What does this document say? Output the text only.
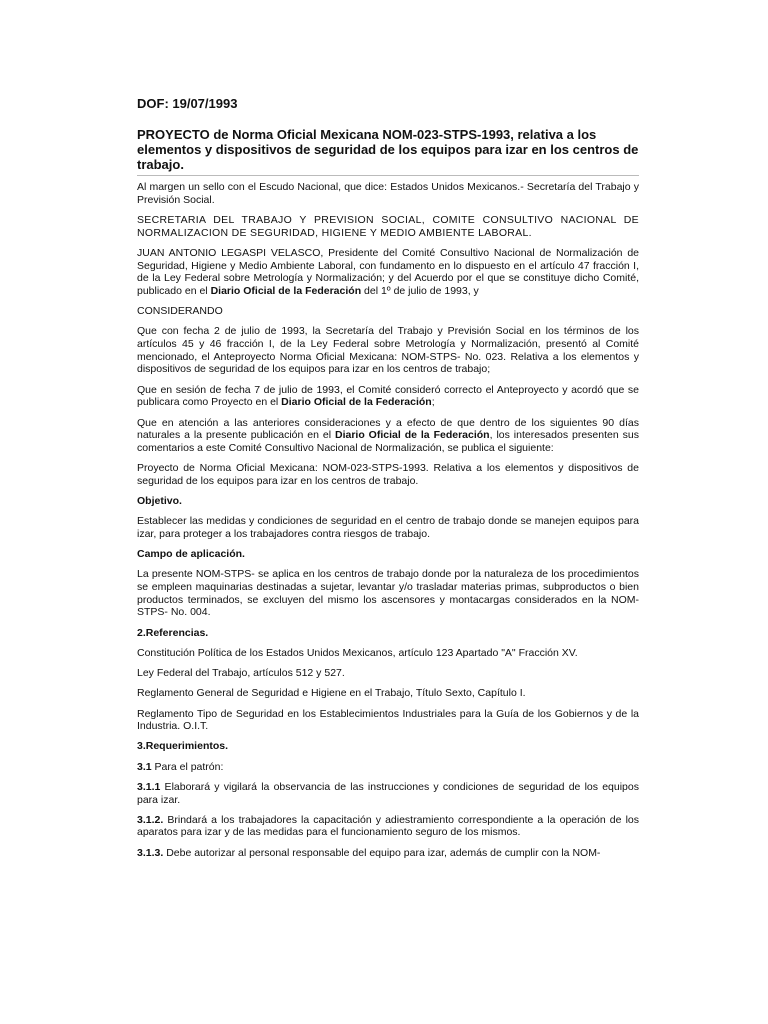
DOF: 19/07/1993
PROYECTO de Norma Oficial Mexicana NOM-023-STPS-1993, relativa a los elementos y dispositivos de seguridad de los equipos para izar en los centros de trabajo.

Al margen un sello con el Escudo Nacional, que dice: Estados Unidos Mexicanos.- Secretaría del Trabajo y Previsión Social.

SECRETARIA DEL TRABAJO Y PREVISION SOCIAL, COMITE CONSULTIVO NACIONAL DE NORMALIZACION DE SEGURIDAD, HIGIENE Y MEDIO AMBIENTE LABORAL.

JUAN ANTONIO LEGASPI VELASCO, Presidente del Comité Consultivo Nacional de Normalización de Seguridad, Higiene y Medio Ambiente Laboral, con fundamento en lo dispuesto en el artículo 47 fracción I, de la Ley Federal sobre Metrología y Normalización; y del Acuerdo por el que se constituye dicho Comité, publicado en el Diario Oficial de la Federación del 1º de julio de 1993, y

CONSIDERANDO

Que con fecha 2 de julio de 1993, la Secretaría del Trabajo y Previsión Social en los términos de los artículos 45 y 46 fracción I, de la Ley Federal sobre Metrología y Normalización, presentó al Comité mencionado, el Anteproyecto Norma Oficial Mexicana: NOM-STPS- No. 023. Relativa a los elementos y dispositivos de seguridad de los equipos para izar en los centros de trabajo;

Que en sesión de fecha 7 de julio de 1993, el Comité consideró correcto el Anteproyecto y acordó que se publicara como Proyecto en el Diario Oficial de la Federación;

Que en atención a las anteriores consideraciones y a efecto de que dentro de los siguientes 90 días naturales a la presente publicación en el Diario Oficial de la Federación, los interesados presenten sus comentarios a este Comité Consultivo Nacional de Normalización, se publica el siguiente:

Proyecto de Norma Oficial Mexicana: NOM-023-STPS-1993. Relativa a los elementos y dispositivos de seguridad de los equipos para izar en los centros de trabajo.

Objetivo.

Establecer las medidas y condiciones de seguridad en el centro de trabajo donde se manejen equipos para izar, para proteger a los trabajadores contra riesgos de trabajo.

Campo de aplicación.

La presente NOM-STPS- se aplica en los centros de trabajo donde por la naturaleza de los procedimientos se empleen maquinarias destinadas a sujetar, levantar y/o trasladar materias primas, subproductos o bien productos terminados, se excluyen del mismo los ascensores y montacargas considerados en la NOM-STPS- No. 004.

2.Referencias.

Constitución Política de los Estados Unidos Mexicanos, artículo 123 Apartado "A" Fracción XV.

Ley Federal del Trabajo, artículos 512 y 527.

Reglamento General de Seguridad e Higiene en el Trabajo, Título Sexto, Capítulo I.

Reglamento Tipo de Seguridad en los Establecimientos Industriales para la Guía de los Gobiernos y de la Industria. O.I.T.

3.Requerimientos.

3.1 Para el patrón:

3.1.1 Elaborará y vigilará la observancia de las instrucciones y condiciones de seguridad de los equipos para izar.

3.1.2. Brindará a los trabajadores la capacitación y adiestramiento correspondiente a la operación de los aparatos para izar y de las medidas para el funcionamiento seguro de los mismos.

3.1.3. Debe autorizar al personal responsable del equipo para izar, además de cumplir con la NOM-
